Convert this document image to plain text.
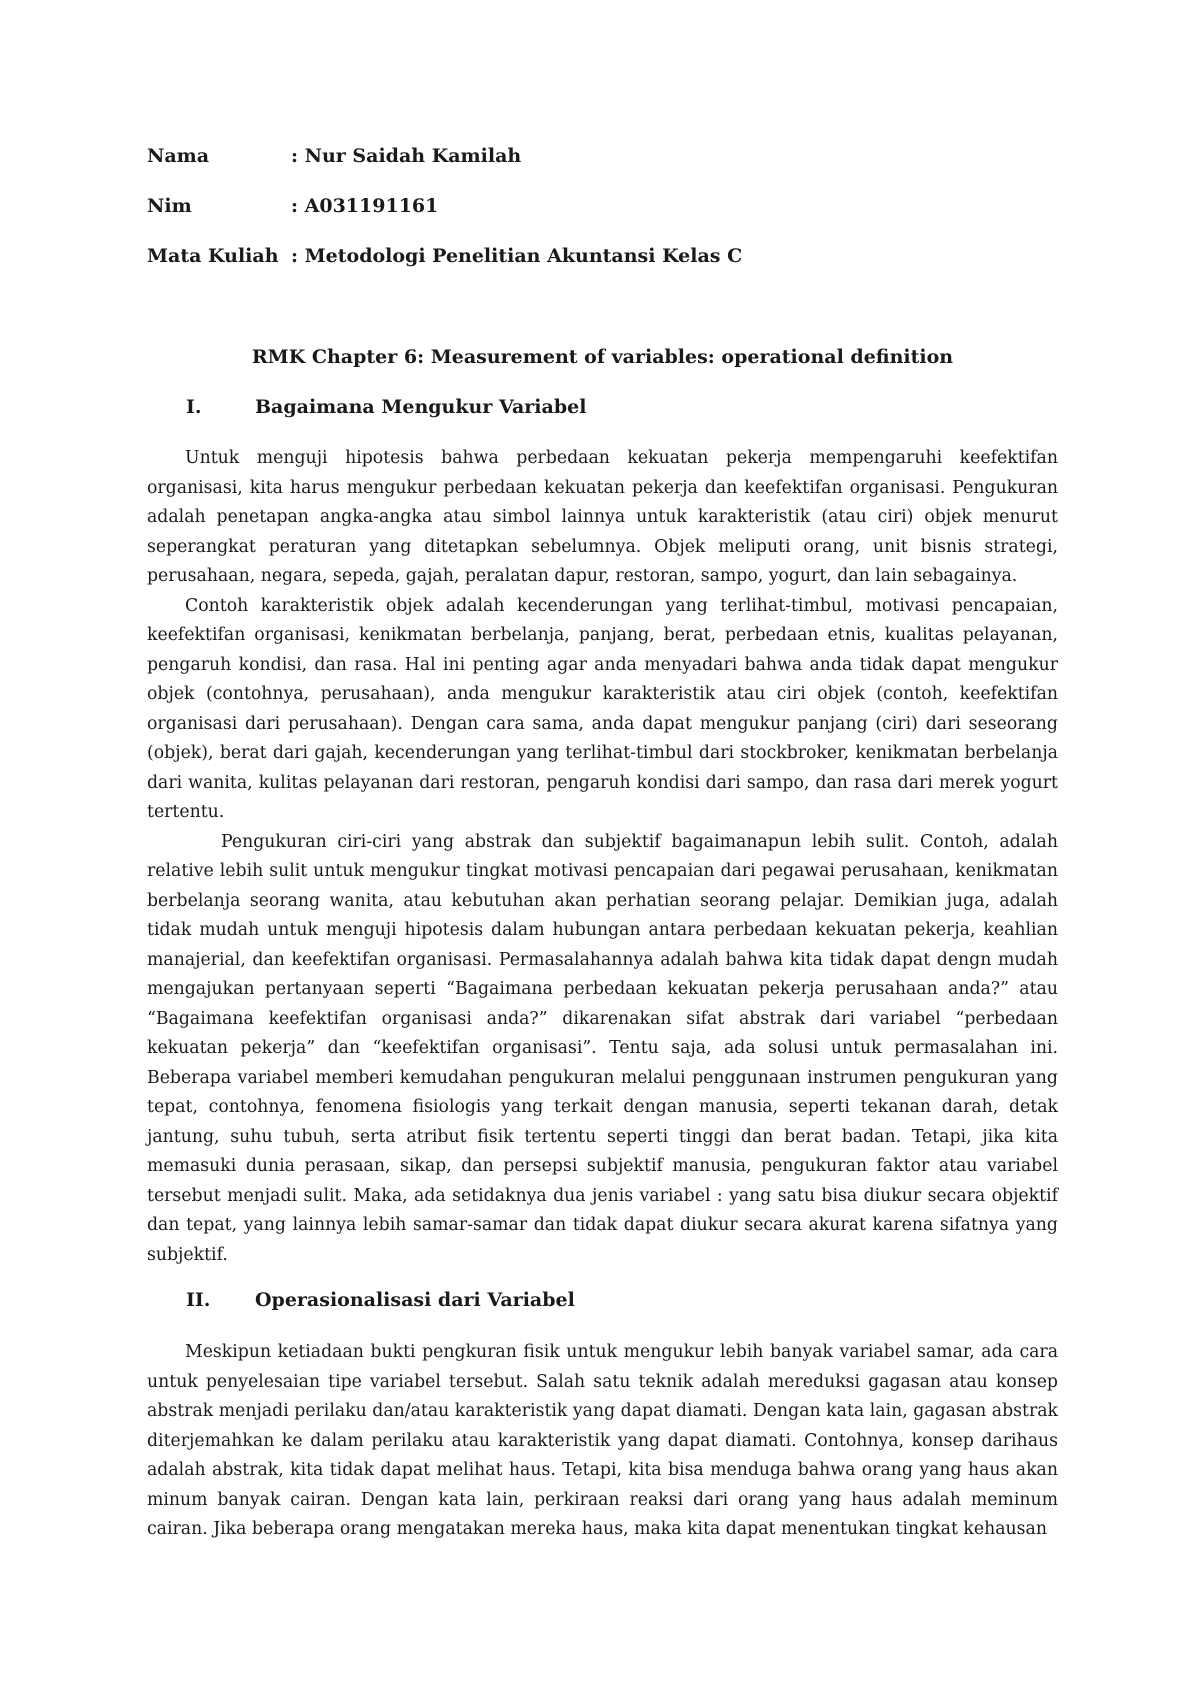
Nama	: Nur Saidah Kamilah
Nim	: A031191161
Mata Kuliah : Metodologi Penelitian Akuntansi Kelas C
RMK Chapter 6: Measurement of variables: operational definition
I.	Bagaimana Mengukur Variabel

Untuk menguji hipotesis bahwa perbedaan kekuatan pekerja mempengaruhi keefektifan organisasi, kita harus mengukur perbedaan kekuatan pekerja dan keefektifan organisasi. Pengukuran adalah penetapan angka-angka atau simbol lainnya untuk karakteristik (atau ciri) objek menurut seperangkat peraturan yang ditetapkan sebelumnya. Objek meliputi orang, unit bisnis strategi, perusahaan, negara, sepeda, gajah, peralatan dapur, restoran, sampo, yogurt, dan lain sebagainya.

Contoh karakteristik objek adalah kecenderungan yang terlihat-timbul, motivasi pencapaian, keefektifan organisasi, kenikmatan berbelanja, panjang, berat, perbedaan etnis, kualitas pelayanan, pengaruh kondisi, dan rasa. Hal ini penting agar anda menyadari bahwa anda tidak dapat mengukur objek (contohnya, perusahaan), anda mengukur karakteristik atau ciri objek (contoh, keefektifan organisasi dari perusahaan). Dengan cara sama, anda dapat mengukur panjang (ciri) dari seseorang (objek), berat dari gajah, kecenderungan yang terlihat-timbul dari stockbroker, kenikmatan berbelanja dari wanita, kulitas pelayanan dari restoran, pengaruh kondisi dari sampo, dan rasa dari merek yogurt tertentu.

Pengukuran ciri-ciri yang abstrak dan subjektif bagaimanapun lebih sulit. Contoh, adalah relative lebih sulit untuk mengukur tingkat motivasi pencapaian dari pegawai perusahaan, kenikmatan berbelanja seorang wanita, atau kebutuhan akan perhatian seorang pelajar. Demikian juga, adalah tidak mudah untuk menguji hipotesis dalam hubungan antara perbedaan kekuatan pekerja, keahlian manajerial, dan keefektifan organisasi. Permasalahannya adalah bahwa kita tidak dapat dengn mudah mengajukan pertanyaan seperti “Bagaimana perbedaan kekuatan pekerja perusahaan anda?” atau “Bagaimana keefektifan organisasi anda?” dikarenakan sifat abstrak dari variabel “perbedaan kekuatan pekerja” dan “keefektifan organisasi”. Tentu saja, ada solusi untuk permasalahan ini. Beberapa variabel memberi kemudahan pengukuran melalui penggunaan instrumen pengukuran yang tepat, contohnya, fenomena fisiologis yang terkait dengan manusia, seperti tekanan darah, detak jantung, suhu tubuh, serta atribut fisik tertentu seperti tinggi dan berat badan. Tetapi, jika kita memasuki dunia perasaan, sikap, dan persepsi subjektif manusia, pengukuran faktor atau variabel tersebut menjadi sulit. Maka, ada setidaknya dua jenis variabel : yang satu bisa diukur secara objektif dan tepat, yang lainnya lebih samar-samar dan tidak dapat diukur secara akurat karena sifatnya yang subjektif.

II. Operasionalisasi dari Variabel

Meskipun ketiadaan bukti pengkuran fisik untuk mengukur lebih banyak variabel samar, ada cara untuk penyelesaian tipe variabel tersebut. Salah satu teknik adalah mereduksi gagasan atau konsep abstrak menjadi perilaku dan/atau karakteristik yang dapat diamati. Dengan kata lain, gagasan abstrak diterjemahkan ke dalam perilaku atau karakteristik yang dapat diamati. Contohnya, konsep darihaus adalah abstrak, kita tidak dapat melihat haus. Tetapi, kita bisa menduga bahwa orang yang haus akan minum banyak cairan. Dengan kata lain, perkiraan reaksi dari orang yang haus adalah meminum cairan. Jika beberapa orang mengatakan mereka haus, maka kita dapat menentukan tingkat kehausan
